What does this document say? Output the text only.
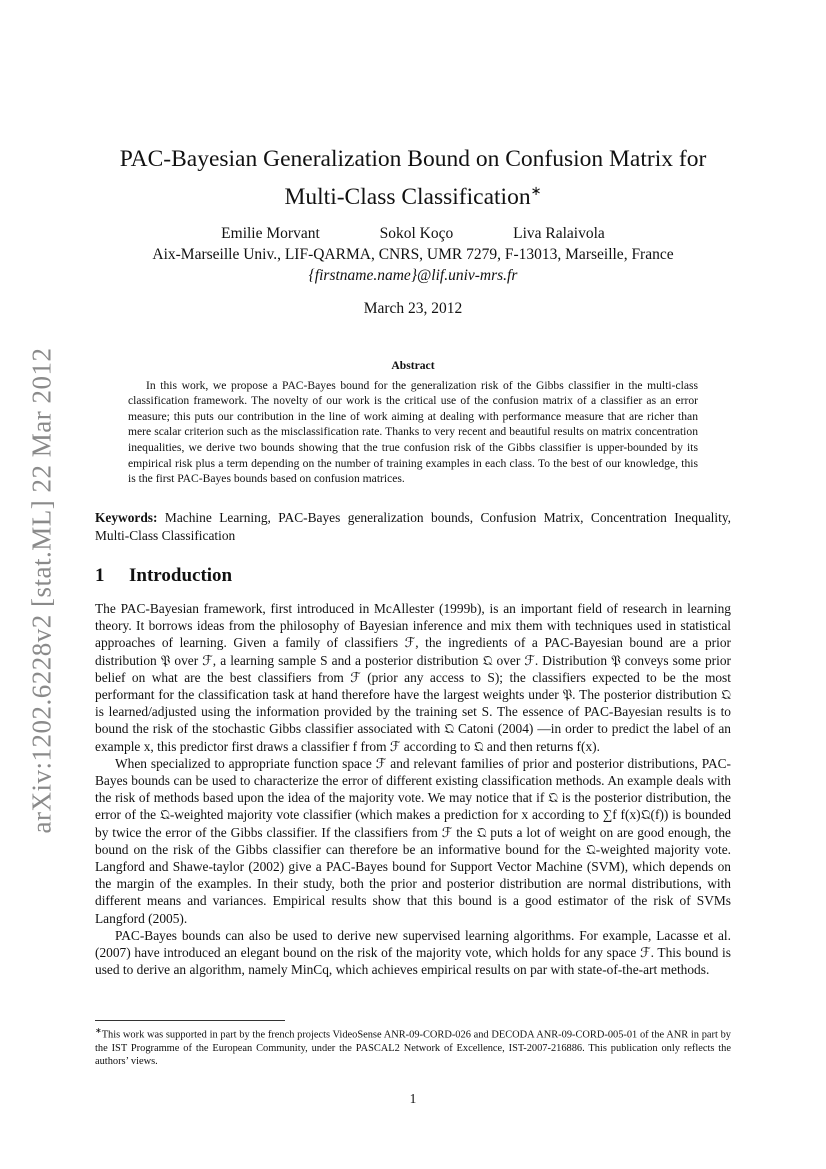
arXiv:1202.6228v2 [stat.ML] 22 Mar 2012
PAC-Bayesian Generalization Bound on Confusion Matrix for Multi-Class Classification∗
Emilie Morvant	Sokol Koço	Liva Ralaivola
Aix-Marseille Univ., LIF-QARMA, CNRS, UMR 7279, F-13013, Marseille, France
{firstname.name}@lif.univ-mrs.fr
March 23, 2012
Abstract

In this work, we propose a PAC-Bayes bound for the generalization risk of the Gibbs classifier in the multi-class classification framework. The novelty of our work is the critical use of the confusion matrix of a classifier as an error measure; this puts our contribution in the line of work aiming at dealing with performance measure that are richer than mere scalar criterion such as the misclassification rate. Thanks to very recent and beautiful results on matrix concentration inequalities, we derive two bounds showing that the true confusion risk of the Gibbs classifier is upper-bounded by its empirical risk plus a term depending on the number of training examples in each class. To the best of our knowledge, this is the first PAC-Bayes bounds based on confusion matrices.

Keywords: Machine Learning, PAC-Bayes generalization bounds, Confusion Matrix, Concentration Inequality, Multi-Class Classification
1 Introduction

The PAC-Bayesian framework, first introduced in McAllester (1999b), is an important field of research in learning theory. It borrows ideas from the philosophy of Bayesian inference and mix them with techniques used in statistical approaches of learning. Given a family of classifiers ℱ, the ingredients of a PAC-Bayesian bound are a prior distribution 𝔓 over ℱ, a learning sample S and a posterior distribution 𝔔 over ℱ. Distribution 𝔓 conveys some prior belief on what are the best classifiers from ℱ (prior any access to S); the classifiers expected to be the most performant for the classification task at hand therefore have the largest weights under 𝔓. The posterior distribution 𝔔 is learned/adjusted using the information provided by the training set S. The essence of PAC-Bayesian results is to bound the risk of the stochastic Gibbs classifier associated with 𝔔 Catoni (2004) —in order to predict the label of an example x, this predictor first draws a classifier f from ℱ according to 𝔔 and then returns f(x).

When specialized to appropriate function space ℱ and relevant families of prior and posterior distributions, PAC-Bayes bounds can be used to characterize the error of different existing classification methods. An example deals with the risk of methods based upon the idea of the majority vote. We may notice that if 𝔔 is the posterior distribution, the error of the 𝔔-weighted majority vote classifier (which makes a prediction for x according to ∑f f(x)𝔔(f)) is bounded by twice the error of the Gibbs classifier. If the classifiers from ℱ the 𝔔 puts a lot of weight on are good enough, the bound on the risk of the Gibbs classifier can therefore be an informative bound for the 𝔔-weighted majority vote. Langford and Shawe-taylor (2002) give a PAC-Bayes bound for Support Vector Machine (SVM), which depends on the margin of the examples. In their study, both the prior and posterior distribution are normal distributions, with different means and variances. Empirical results show that this bound is a good estimator of the risk of SVMs Langford (2005).

PAC-Bayes bounds can also be used to derive new supervised learning algorithms. For example, Lacasse et al. (2007) have introduced an elegant bound on the risk of the majority vote, which holds for any space ℱ. This bound is used to derive an algorithm, namely MinCq, which achieves empirical results on par with state-of-the-art methods.

∗This work was supported in part by the french projects VideoSense ANR-09-CORD-026 and DECODA ANR-09-CORD-005-01 of the ANR in part by the IST Programme of the European Community, under the PASCAL2 Network of Excellence, IST-2007-216886. This publication only reflects the authors’ views.
1
